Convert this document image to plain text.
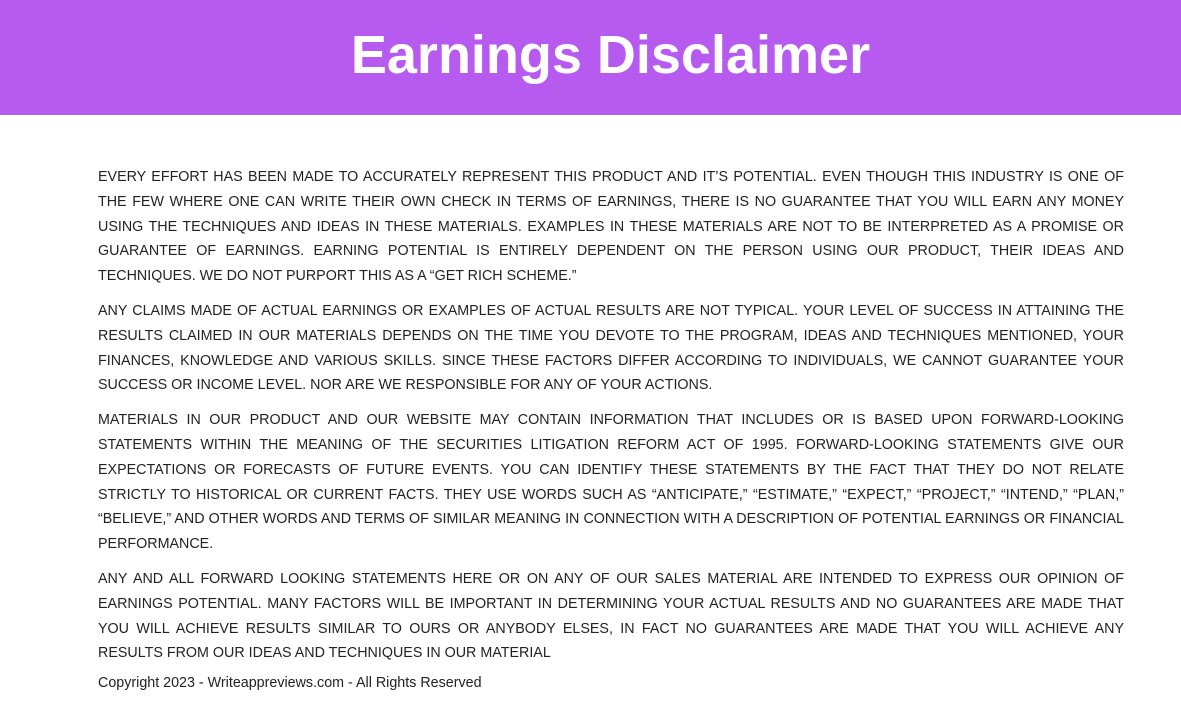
Earnings Disclaimer

EVERY EFFORT HAS BEEN MADE TO ACCURATELY REPRESENT THIS PRODUCT AND IT’S POTENTIAL. EVEN THOUGH THIS INDUSTRY IS ONE OF THE FEW WHERE ONE CAN WRITE THEIR OWN CHECK IN TERMS OF EARNINGS, THERE IS NO GUARANTEE THAT YOU WILL EARN ANY MONEY USING THE TECHNIQUES AND IDEAS IN THESE MATERIALS. EXAMPLES IN THESE MATERIALS ARE NOT TO BE INTERPRETED AS A PROMISE OR GUARANTEE OF EARNINGS. EARNING POTENTIAL IS ENTIRELY DEPENDENT ON THE PERSON USING OUR PRODUCT, THEIR IDEAS AND TECHNIQUES. WE DO NOT PURPORT THIS AS A “GET RICH SCHEME.”

ANY CLAIMS MADE OF ACTUAL EARNINGS OR EXAMPLES OF ACTUAL RESULTS ARE NOT TYPICAL. YOUR LEVEL OF SUCCESS IN ATTAINING THE RESULTS CLAIMED IN OUR MATERIALS DEPENDS ON THE TIME YOU DEVOTE TO THE PROGRAM, IDEAS AND TECHNIQUES MENTIONED, YOUR FINANCES, KNOWLEDGE AND VARIOUS SKILLS. SINCE THESE FACTORS DIFFER ACCORDING TO INDIVIDUALS, WE CANNOT GUARANTEE YOUR SUCCESS OR INCOME LEVEL. NOR ARE WE RESPONSIBLE FOR ANY OF YOUR ACTIONS.

MATERIALS IN OUR PRODUCT AND OUR WEBSITE MAY CONTAIN INFORMATION THAT INCLUDES OR IS BASED UPON FORWARD-LOOKING STATEMENTS WITHIN THE MEANING OF THE SECURITIES LITIGATION REFORM ACT OF 1995. FORWARD-LOOKING STATEMENTS GIVE OUR EXPECTATIONS OR FORECASTS OF FUTURE EVENTS. YOU CAN IDENTIFY THESE STATEMENTS BY THE FACT THAT THEY DO NOT RELATE STRICTLY TO HISTORICAL OR CURRENT FACTS. THEY USE WORDS SUCH AS “ANTICIPATE,” “ESTIMATE,” “EXPECT,” “PROJECT,” “INTEND,” “PLAN,” “BELIEVE,” AND OTHER WORDS AND TERMS OF SIMILAR MEANING IN CONNECTION WITH A DESCRIPTION OF POTENTIAL EARNINGS OR FINANCIAL PERFORMANCE.

ANY AND ALL FORWARD LOOKING STATEMENTS HERE OR ON ANY OF OUR SALES MATERIAL ARE INTENDED TO EXPRESS OUR OPINION OF EARNINGS POTENTIAL. MANY FACTORS WILL BE IMPORTANT IN DETERMINING YOUR ACTUAL RESULTS AND NO GUARANTEES ARE MADE THAT YOU WILL ACHIEVE RESULTS SIMILAR TO OURS OR ANYBODY ELSES, IN FACT NO GUARANTEES ARE MADE THAT YOU WILL ACHIEVE ANY RESULTS FROM OUR IDEAS AND TECHNIQUES IN OUR MATERIAL

Copyright 2023 - Writeappreviews.com - All Rights Reserved
